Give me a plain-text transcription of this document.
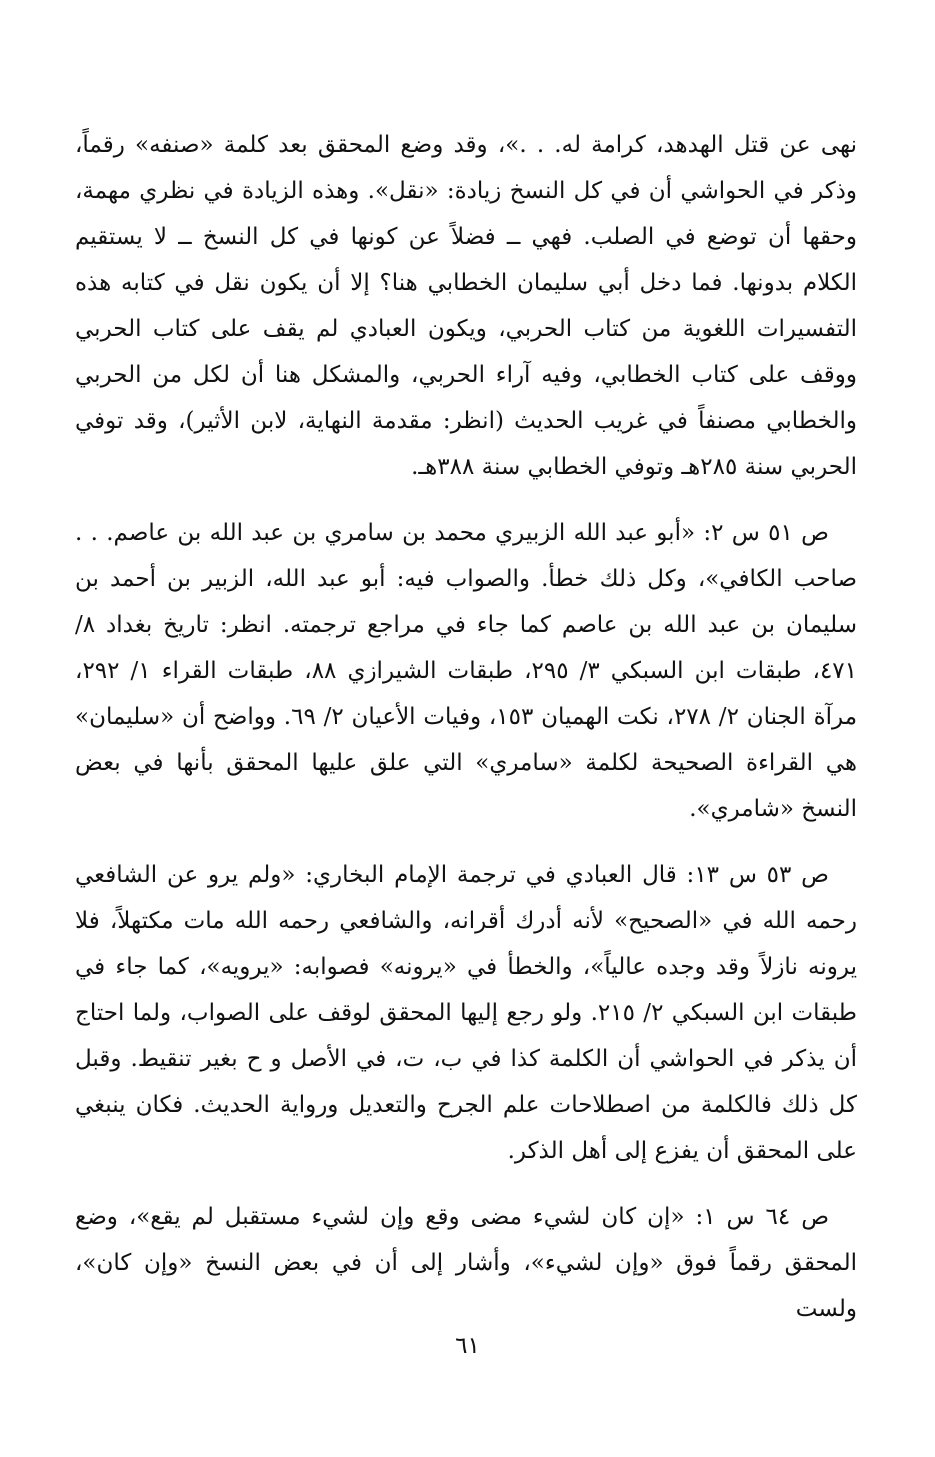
نهى عن قتل الهدهد، كرامة له. . .»، وقد وضع المحقق بعد كلمة «صنفه» رقماً، وذكر في الحواشي أن في كل النسخ زيادة: «نقل». وهذه الزيادة في نظري مهمة، وحقها أن توضع في الصلب. فهي ــ فضلاً عن كونها في كل النسخ ــ لا يستقيم الكلام بدونها. فما دخل أبي سليمان الخطابي هنا؟ إلا أن يكون نقل في كتابه هذه التفسيرات اللغوية من كتاب الحربي، ويكون العبادي لم يقف على كتاب الحربي ووقف على كتاب الخطابي، وفيه آراء الحربي، والمشكل هنا أن لكل من الحربي والخطابي مصنفاً في غريب الحديث (انظر: مقدمة النهاية، لابن الأثير)، وقد توفي الحربي سنة ٢٨٥هـ وتوفي الخطابي سنة ٣٨٨هـ.

ص ٥١ س ٢: «أبو عبد الله الزبيري محمد بن سامري بن عبد الله بن عاصم. . . صاحب الكافي»، وكل ذلك خطأ. والصواب فيه: أبو عبد الله، الزبير بن أحمد بن سليمان بن عبد الله بن عاصم كما جاء في مراجع ترجمته. انظر: تاريخ بغداد ٨/ ٤٧١، طبقات ابن السبكي ٣/ ٢٩٥، طبقات الشيرازي ٨٨، طبقات القراء ١/ ٢٩٢، مرآة الجنان ٢/ ٢٧٨، نكت الهميان ١٥٣، وفيات الأعيان ٢/ ٦٩. وواضح أن «سليمان» هي القراءة الصحيحة لكلمة «سامري» التي علق عليها المحقق بأنها في بعض النسخ «شامري».

ص ٥٣ س ١٣: قال العبادي في ترجمة الإمام البخاري: «ولم يرو عن الشافعي رحمه الله في «الصحيح» لأنه أدرك أقرانه، والشافعي رحمه الله مات مكتهلاً، فلا يرونه نازلاً وقد وجده عالياً»، والخطأ في «يرونه» فصوابه: «يرويه»، كما جاء في طبقات ابن السبكي ٢/ ٢١٥. ولو رجع إليها المحقق لوقف على الصواب، ولما احتاج أن يذكر في الحواشي أن الكلمة كذا في ب، ت، في الأصل و ح بغير تنقيط. وقبل كل ذلك فالكلمة من اصطلاحات علم الجرح والتعديل ورواية الحديث. فكان ينبغي على المحقق أن يفزع إلى أهل الذكر.

ص ٦٤ س ١: «إن كان لشيء مضى وقع وإن لشيء مستقبل لم يقع»، وضع المحقق رقماً فوق «وإن لشيء»، وأشار إلى أن في بعض النسخ «وإن كان»، ولست

٦١
